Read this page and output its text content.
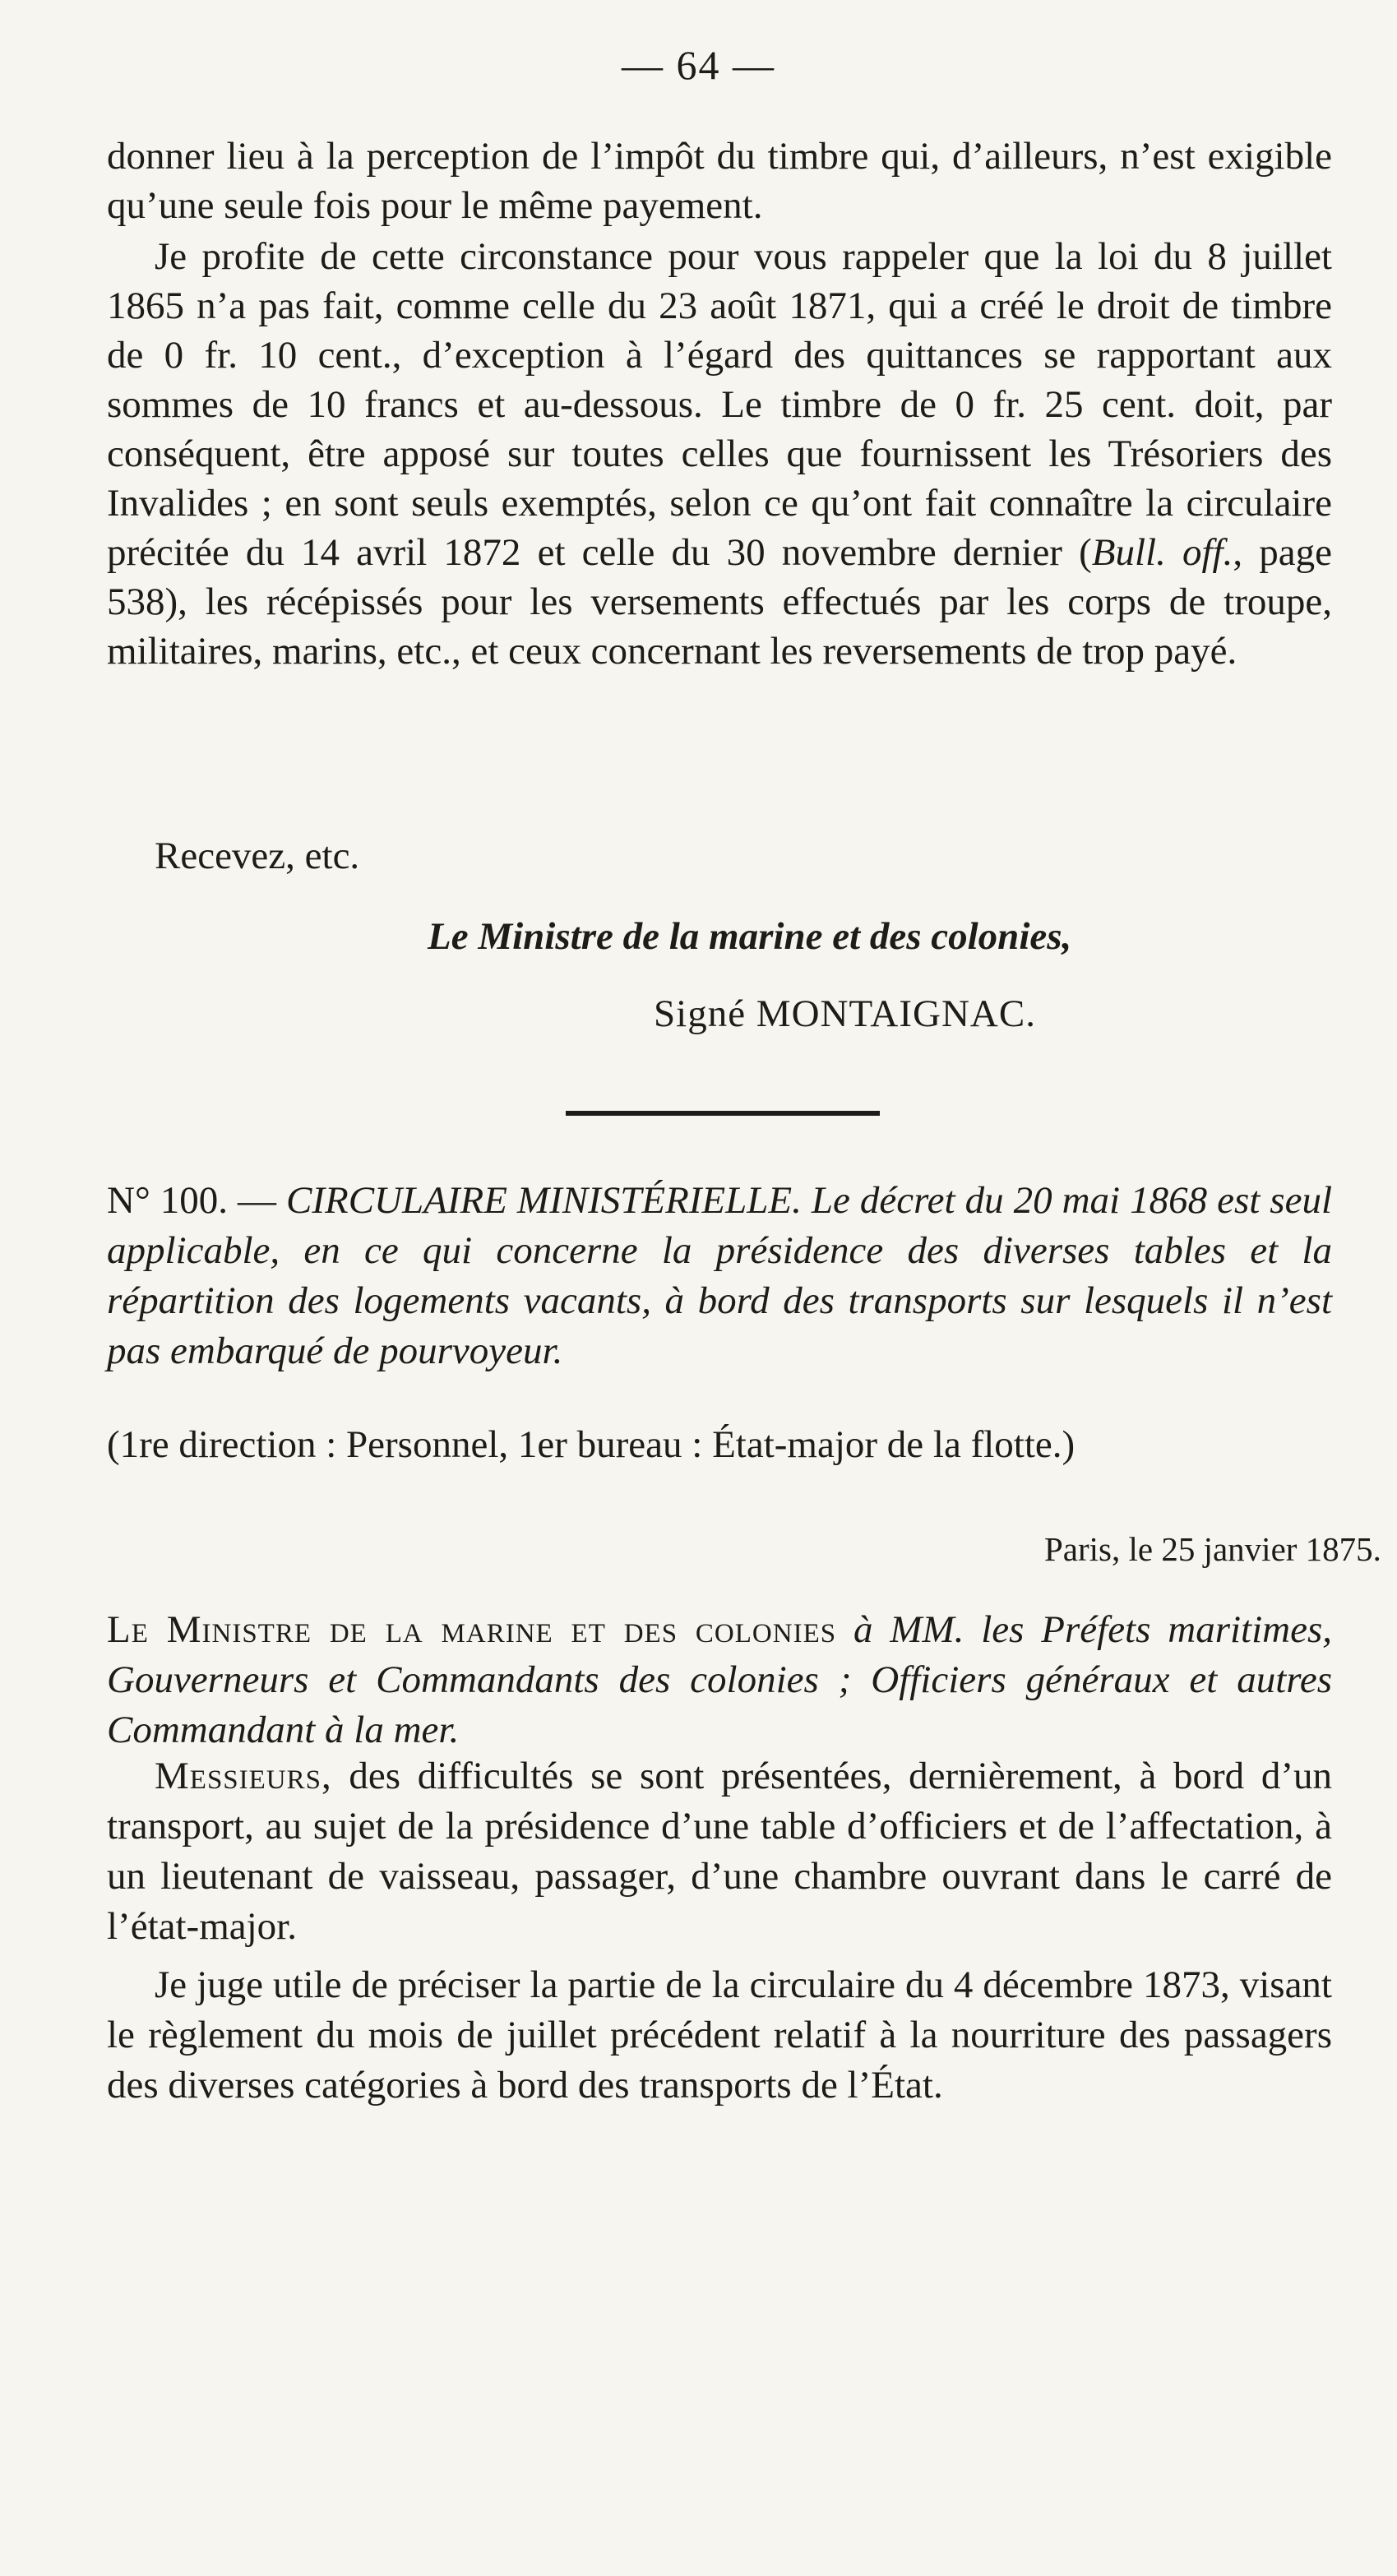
— 64 —

donner lieu à la perception de l’impôt du timbre qui, d’ailleurs, n’est exigible qu’une seule fois pour le même payement.

Je profite de cette circonstance pour vous rappeler que la loi du 8 juillet 1865 n’a pas fait, comme celle du 23 août 1871, qui a créé le droit de timbre de 0 fr. 10 cent., d’exception à l’égard des quittances se rapportant aux sommes de 10 francs et au-dessous. Le timbre de 0 fr. 25 cent. doit, par conséquent, être apposé sur toutes celles que fournissent les Trésoriers des Invalides ; en sont seuls exemptés, selon ce qu’ont fait connaître la circulaire précitée du 14 avril 1872 et celle du 30 novembre dernier (Bull. off., page 538), les récépissés pour les versements effectués par les corps de troupe, militaires, marins, etc., et ceux concernant les reversements de trop payé.

Recevez, etc.

Le Ministre de la marine et des colonies,
Signé MONTAIGNAC.

N° 100. — CIRCULAIRE MINISTÉRIELLE. Le décret du 20 mai 1868 est seul applicable, en ce qui concerne la présidence des diverses tables et la répartition des logements vacants, à bord des transports sur lesquels il n’est pas embarqué de pourvoyeur.

(1re direction : Personnel, 1er bureau : État-major de la flotte.)

Paris, le 25 janvier 1875.

Le Ministre de la marine et des colonies à MM. les Préfets maritimes, Gouverneurs et Commandants des colonies ; Officiers généraux et autres Commandant à la mer.

Messieurs, des difficultés se sont présentées, dernièrement, à bord d’un transport, au sujet de la présidence d’une table d’officiers et de l’affectation, à un lieutenant de vaisseau, passager, d’une chambre ouvrant dans le carré de l’état-major.

Je juge utile de préciser la partie de la circulaire du 4 décembre 1873, visant le règlement du mois de juillet précédent relatif à la nourriture des passagers des diverses catégories à bord des transports de l’État.
